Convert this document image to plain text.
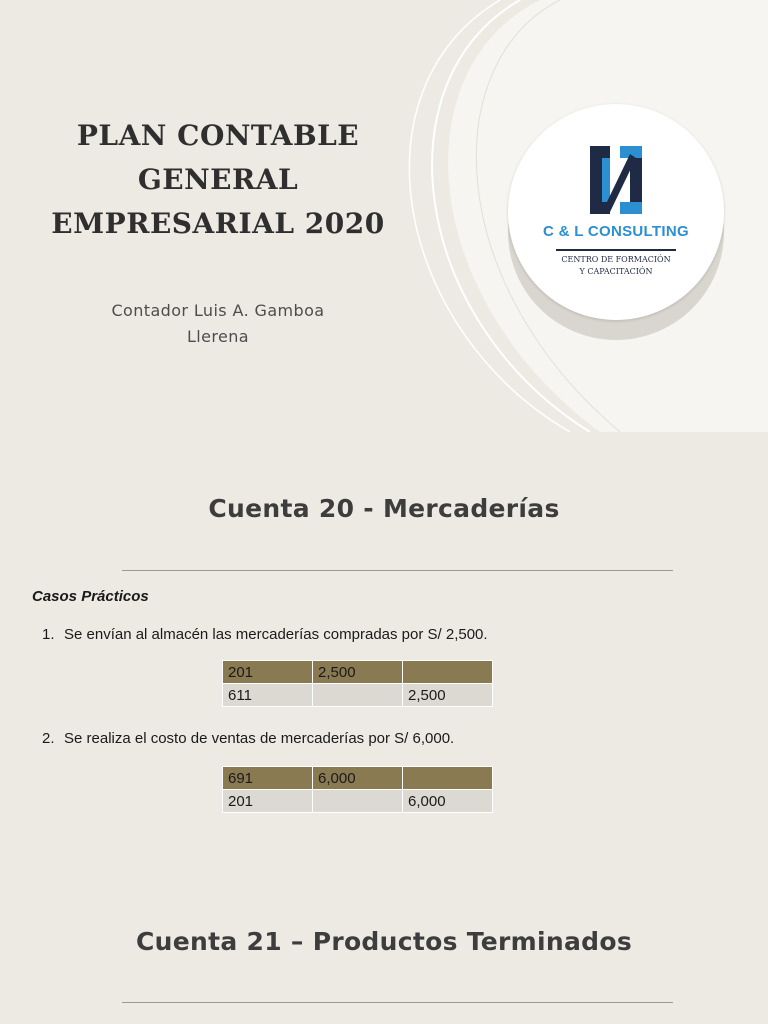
PLAN CONTABLE
GENERAL
EMPRESARIAL 2020
Contador Luis A. Gamboa
Llerena
C & L CONSULTING
CENTRO DE FORMACIÓN
Y CAPACITACIÓN
Cuenta 20 - Mercaderías
Casos Prácticos
1. Se envían al almacén las mercaderías compradas por S/ 2,500.
201	2,500	
611		2,500
2. Se realiza el costo de ventas de mercaderías por S/ 6,000.
691	6,000	
201		6,000
Cuenta 21 – Productos Terminados
